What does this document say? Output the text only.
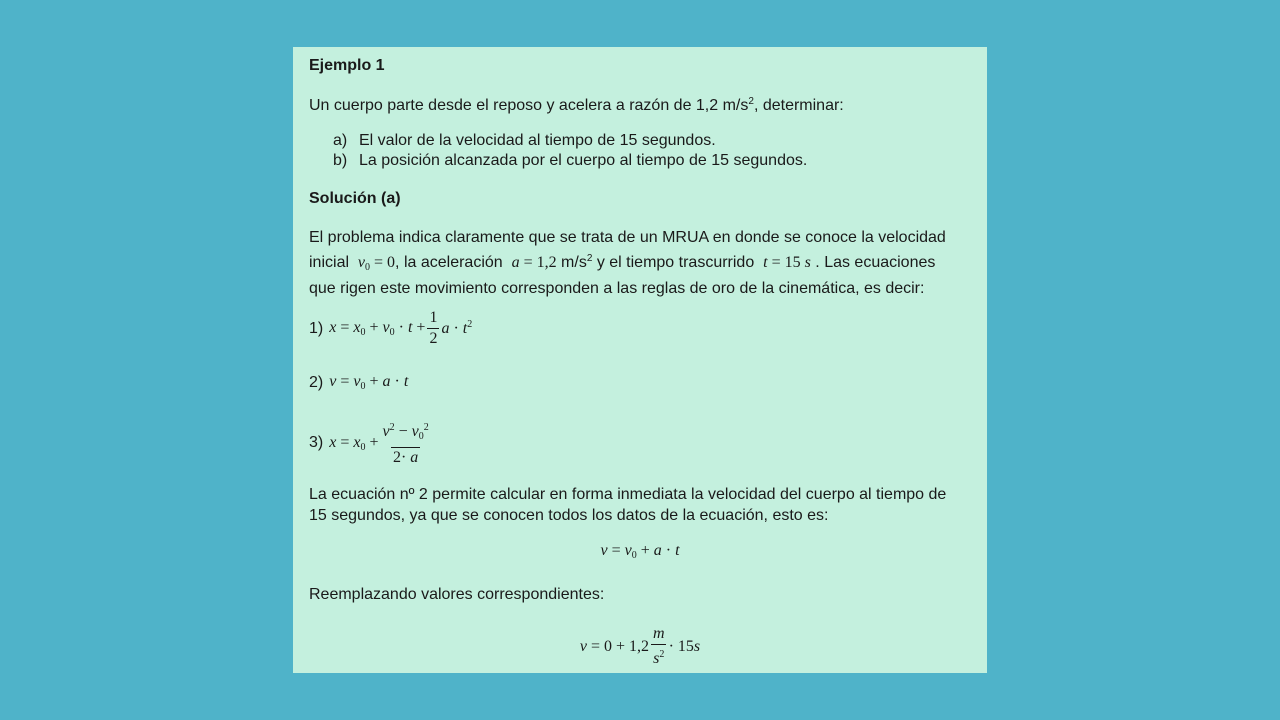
Ejemplo 1

Un cuerpo parte desde el reposo y acelera a razón de 1,2 $m/s^2$, determinar:

a) El valor de la velocidad al tiempo de 15 segundos.
b) La posición alcanzada por el cuerpo al tiempo de 15 segundos.

Solución (a)

El problema indica claramente que se trata de un MRUA en donde se conoce la velocidad

inicial $v_0 = 0$, la aceleración a = 1,2 $m/s^2$ y el tiempo trascurrido t = 15 s . Las ecuaciones

que rigen este movimiento corresponden a las reglas de oro de la cinemática, es decir:

1) $x = x_0 + v_0 \cdot t + \frac{1}{2}$ $a \cdot t^2$
2) $v = v_0 + a \cdot t$
3) $x = x_0 + \frac{v^2 - v_0^2}{2\cdot a}$

La ecuación nº 2 permite calcular en forma inmediata la velocidad del cuerpo al tiempo de

15 segundos, ya que se conocen todos los datos de la ecuación, esto es:

$v = v_0 + a \cdot t$

Reemplazando valores correspondientes:

$v = 0 + 1,2 \frac{m}{s^2} \cdot 15s$
